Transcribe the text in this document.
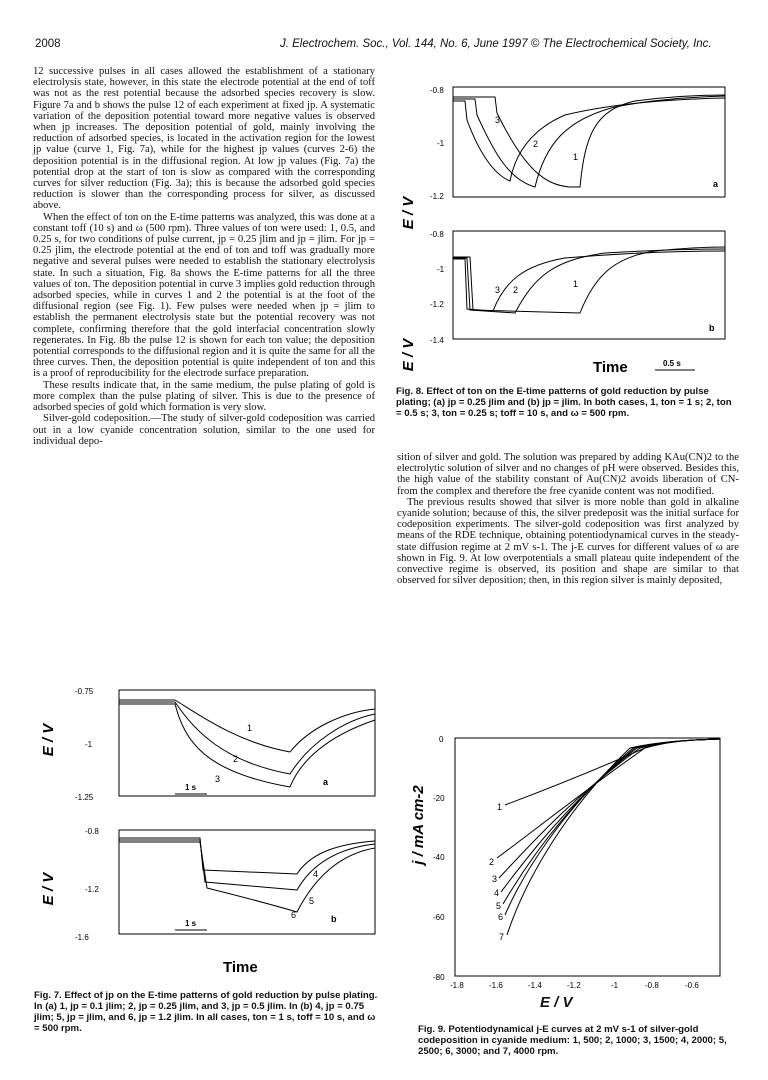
2008	J. Electrochem. Soc., Vol. 144, No. 6, June 1997 © The Electrochemical Society, Inc.

12 successive pulses in all cases allowed the establishment of a stationary electrolysis state, however, in this state the electrode potential at the end of toff was not as the rest potential because the adsorbed species recovery is slow. Figure 7a and b shows the pulse 12 of each experiment at fixed jp. A systematic variation of the deposition potential toward more negative values is observed when jp increases. The deposition potential of gold, mainly involving the reduction of adsorbed species, is located in the activation region for the lowest jp value (curve 1, Fig. 7a), while for the highest jp values (curves 2-6) the deposition potential is in the diffusional region. At low jp values (Fig. 7a) the potential drop at the start of ton is slow as compared with the corresponding curves for silver reduction (Fig. 3a); this is because the adsorbed gold species reduction is slower than the corresponding process for silver, as discussed above.

When the effect of ton on the E-time patterns was analyzed, this was done at a constant toff (10 s) and ω (500 rpm). Three values of ton were used: 1, 0.5, and 0.25 s, for two conditions of pulse current, jp = 0.25 jlim and jp = jlim. For jp = 0.25 jlim, the electrode potential at the end of ton and toff was gradually more negative and several pulses were needed to establish the stationary electrolysis state. In such a situation, Fig. 8a shows the E-time patterns for all the three values of ton. The deposition potential in curve 3 implies gold reduction through adsorbed species, while in curves 1 and 2 the potential is at the foot of the diffusional region (see Fig. 1). Few pulses were needed when jp = jlim to establish the permanent electrolysis state but the potential recovery was not complete, confirming therefore that the gold interfacial concentration slowly regenerates. In Fig. 8b the pulse 12 is shown for each ton value; the deposition potential corresponds to the diffusional region and it is quite the same for all the three curves. Then, the deposition potential is quite independent of ton and this is a proof of reproducibility for the electrode surface preparation.

These results indicate that, in the same medium, the pulse plating of gold is more complex than the pulse plating of silver. This is due to the presence of adsorbed species of gold which formation is very slow.

Silver-gold codeposition.—The study of silver-gold codeposition was carried out in a low cyanide concentration solution, similar to the one used for individual depo-

E / V
-0.8
-1
-1.2
1
2
3
a
E / V
-0.8
-1
-1.2
-1.4
1
2
3
b
Time	0.5 s
Fig. 8. Effect of ton on the E-time patterns of gold reduction by pulse plating; (a) jp = 0.25 jlim and (b) jp = jlim. In both cases, 1, ton = 1 s; 2, ton = 0.5 s; 3, ton = 0.25 s; toff = 10 s, and ω = 500 rpm.

sition of silver and gold. The solution was prepared by adding KAu(CN)2 to the electrolytic solution of silver and no changes of pH were observed. Besides this, the high value of the stability constant of Au(CN)2 avoids liberation of CN- from the complex and therefore the free cyanide content was not modified.

The previous results showed that silver is more noble than gold in alkaline cyanide solution; because of this, the silver predeposit was the initial surface for codeposition experiments. The silver-gold codeposition was first analyzed by means of the RDE technique, obtaining potentiodynamical curves in the steady-state diffusion regime at 2 mV s-1. The j-E curves for different values of ω are shown in Fig. 9. At low overpotentials a small plateau quite independent of the convective regime is observed, its position and shape are similar to that observed for silver deposition; then, in this region silver is mainly deposited,

E / V
-0.75
-1
-1.25
1
2
3
1 s
a
E / V
-0.8
-1.2
-1.6
4
5
6
1 s	b
Time
Fig. 7. Effect of jp on the E-time patterns of gold reduction by pulse plating. In (a) 1, jp = 0.1 jlim; 2, jp = 0.25 jlim, and 3, jp = 0.5 jlim. In (b) 4, jp = 0.75 jlim; 5, jp = jlim, and 6, jp = 1.2 jlim. In all cases, ton = 1 s, toff = 10 s, and ω = 500 rpm.
j / mA cm-2
0
-20
-40
-60
-80
1
2
3
4
5
6
7
-1.8	-1.6	-1.4	-1.2	-1	-0.8	-0.6
E / V
Fig. 9. Potentiodynamical j-E curves at 2 mV s-1 of silver-gold codeposition in cyanide medium: 1, 500; 2, 1000; 3, 1500; 4, 2000; 5, 2500; 6, 3000; and 7, 4000 rpm.
